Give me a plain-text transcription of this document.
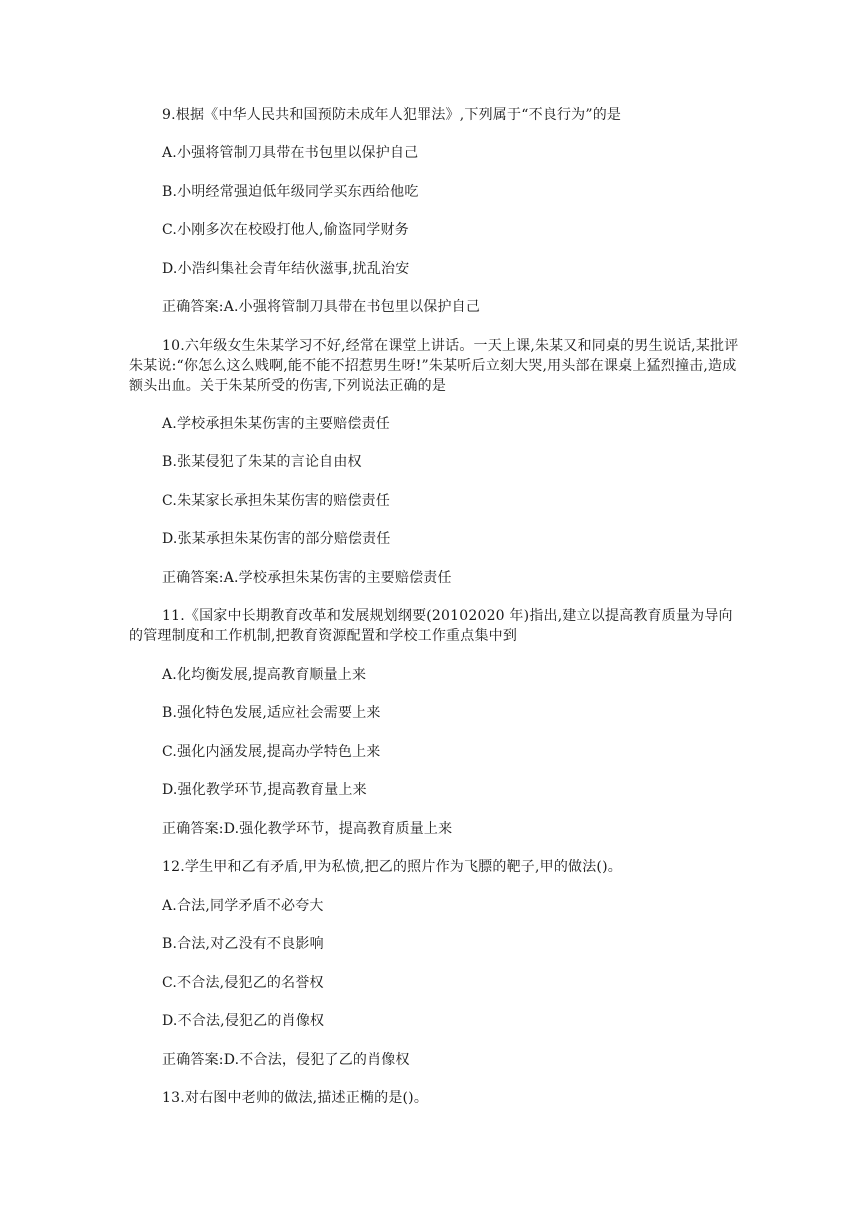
9.根据《中华人民共和国预防未成年人犯罪法》,下列属于“不良行为”的是
A.小强将管制刀具带在书包里以保护自己
B.小明经常强迫低年级同学买东西给他吃
C.小刚多次在校殴打他人,偷盗同学财务
D.小浩纠集社会青年结伙滋事,扰乱治安
正确答案:A.小强将管制刀具带在书包里以保护自己
10.六年级女生朱某学习不好,经常在课堂上讲话。一天上课,朱某又和同桌的男生说话,某批评朱某说:“你怎么这么贱啊,能不能不招惹男生呀!”朱某听后立刻大哭,用头部在课桌上猛烈撞击,造成额头出血。关于朱某所受的伤害,下列说法正确的是
A.学校承担朱某伤害的主要赔偿责任
B.张某侵犯了朱某的言论自由权
C.朱某家长承担朱某伤害的赔偿责任
D.张某承担朱某伤害的部分赔偿责任
正确答案:A.学校承担朱某伤害的主要赔偿责任
11.《国家中长期教育改革和发展规划纲要(20102020 年)指出,建立以提高教育质量为导向的管理制度和工作机制,把教育资源配置和学校工作重点集中到
A.化均衡发展,提高教育顺量上来
B.强化特色发展,适应社会需要上来
C.强化内涵发展,提高办学特色上来
D.强化教学环节,提高教育量上来
正确答案:D.强化教学环节，提高教育质量上来
12.学生甲和乙有矛盾,甲为私愤,把乙的照片作为飞膘的靶子,甲的做法()。
A.合法,同学矛盾不必夸大
B.合法,对乙没有不良影响
C.不合法,侵犯乙的名誉权
D.不合法,侵犯乙的肖像权
正确答案:D.不合法，侵犯了乙的肖像权
13.对右图中老帅的做法,描述正椭的是()。
